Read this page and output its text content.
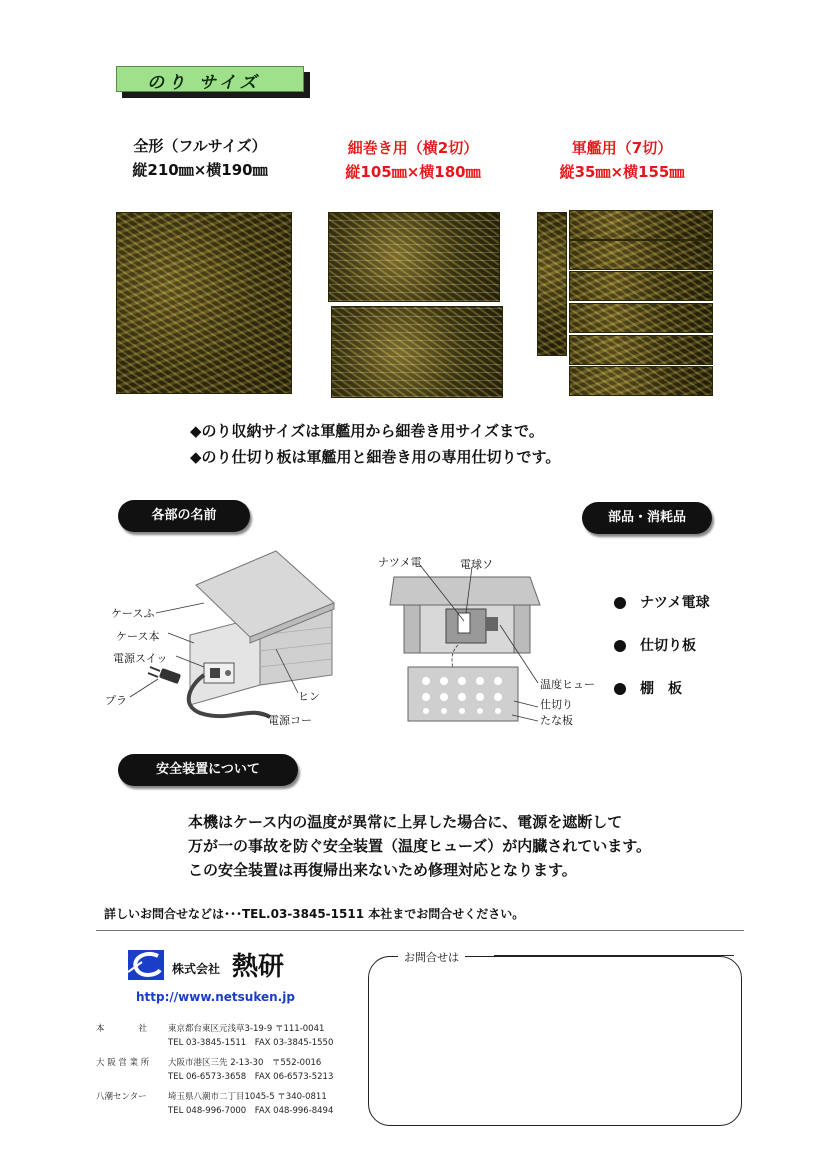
のり サイズ
全形（フルサイズ）
縦210㎜×横190㎜
細巻き用（横2切）
縦105㎜×横180㎜
軍艦用（7切）
縦35㎜×横155㎜
◆のり収納サイズは軍艦用から細巻き用サイズまで。
◆のり仕切り板は軍艦用と細巻き用の専用仕切りです。
各部の名前	部品・消耗品
ケースふ
ケース本
電源スイッ
プラ	ヒン
電源コー
ナツメ電	電球ソ
温度ヒュー
仕切り
たな板
ナツメ電球
仕切り板
棚　板
安全装置について
本機はケース内の温度が異常に上昇した場合に、電源を遮断して
万が一の事故を防ぐ安全装置（温度ヒューズ）が内臓されています。
この安全装置は再復帰出来ないため修理対応となります。
詳しいお問合せなどは･･･TEL.03-3845-1511 本社までお問合せください。
株式会社 熱研
http://www.netsuken.jp
本　　　　社	東京都台東区元浅草3-19-9 〒111-0041
TEL 03-3845-1511　FAX 03-3845-1550
大 阪 営 業 所	大阪市港区三先 2-13-30　〒552-0016
TEL 06-6573-3658　FAX 06-6573-5213
八潮センター	埼玉県八潮市二丁目1045-5 〒340-0811
TEL 048-996-7000　FAX 048-996-8494
お問合せは
